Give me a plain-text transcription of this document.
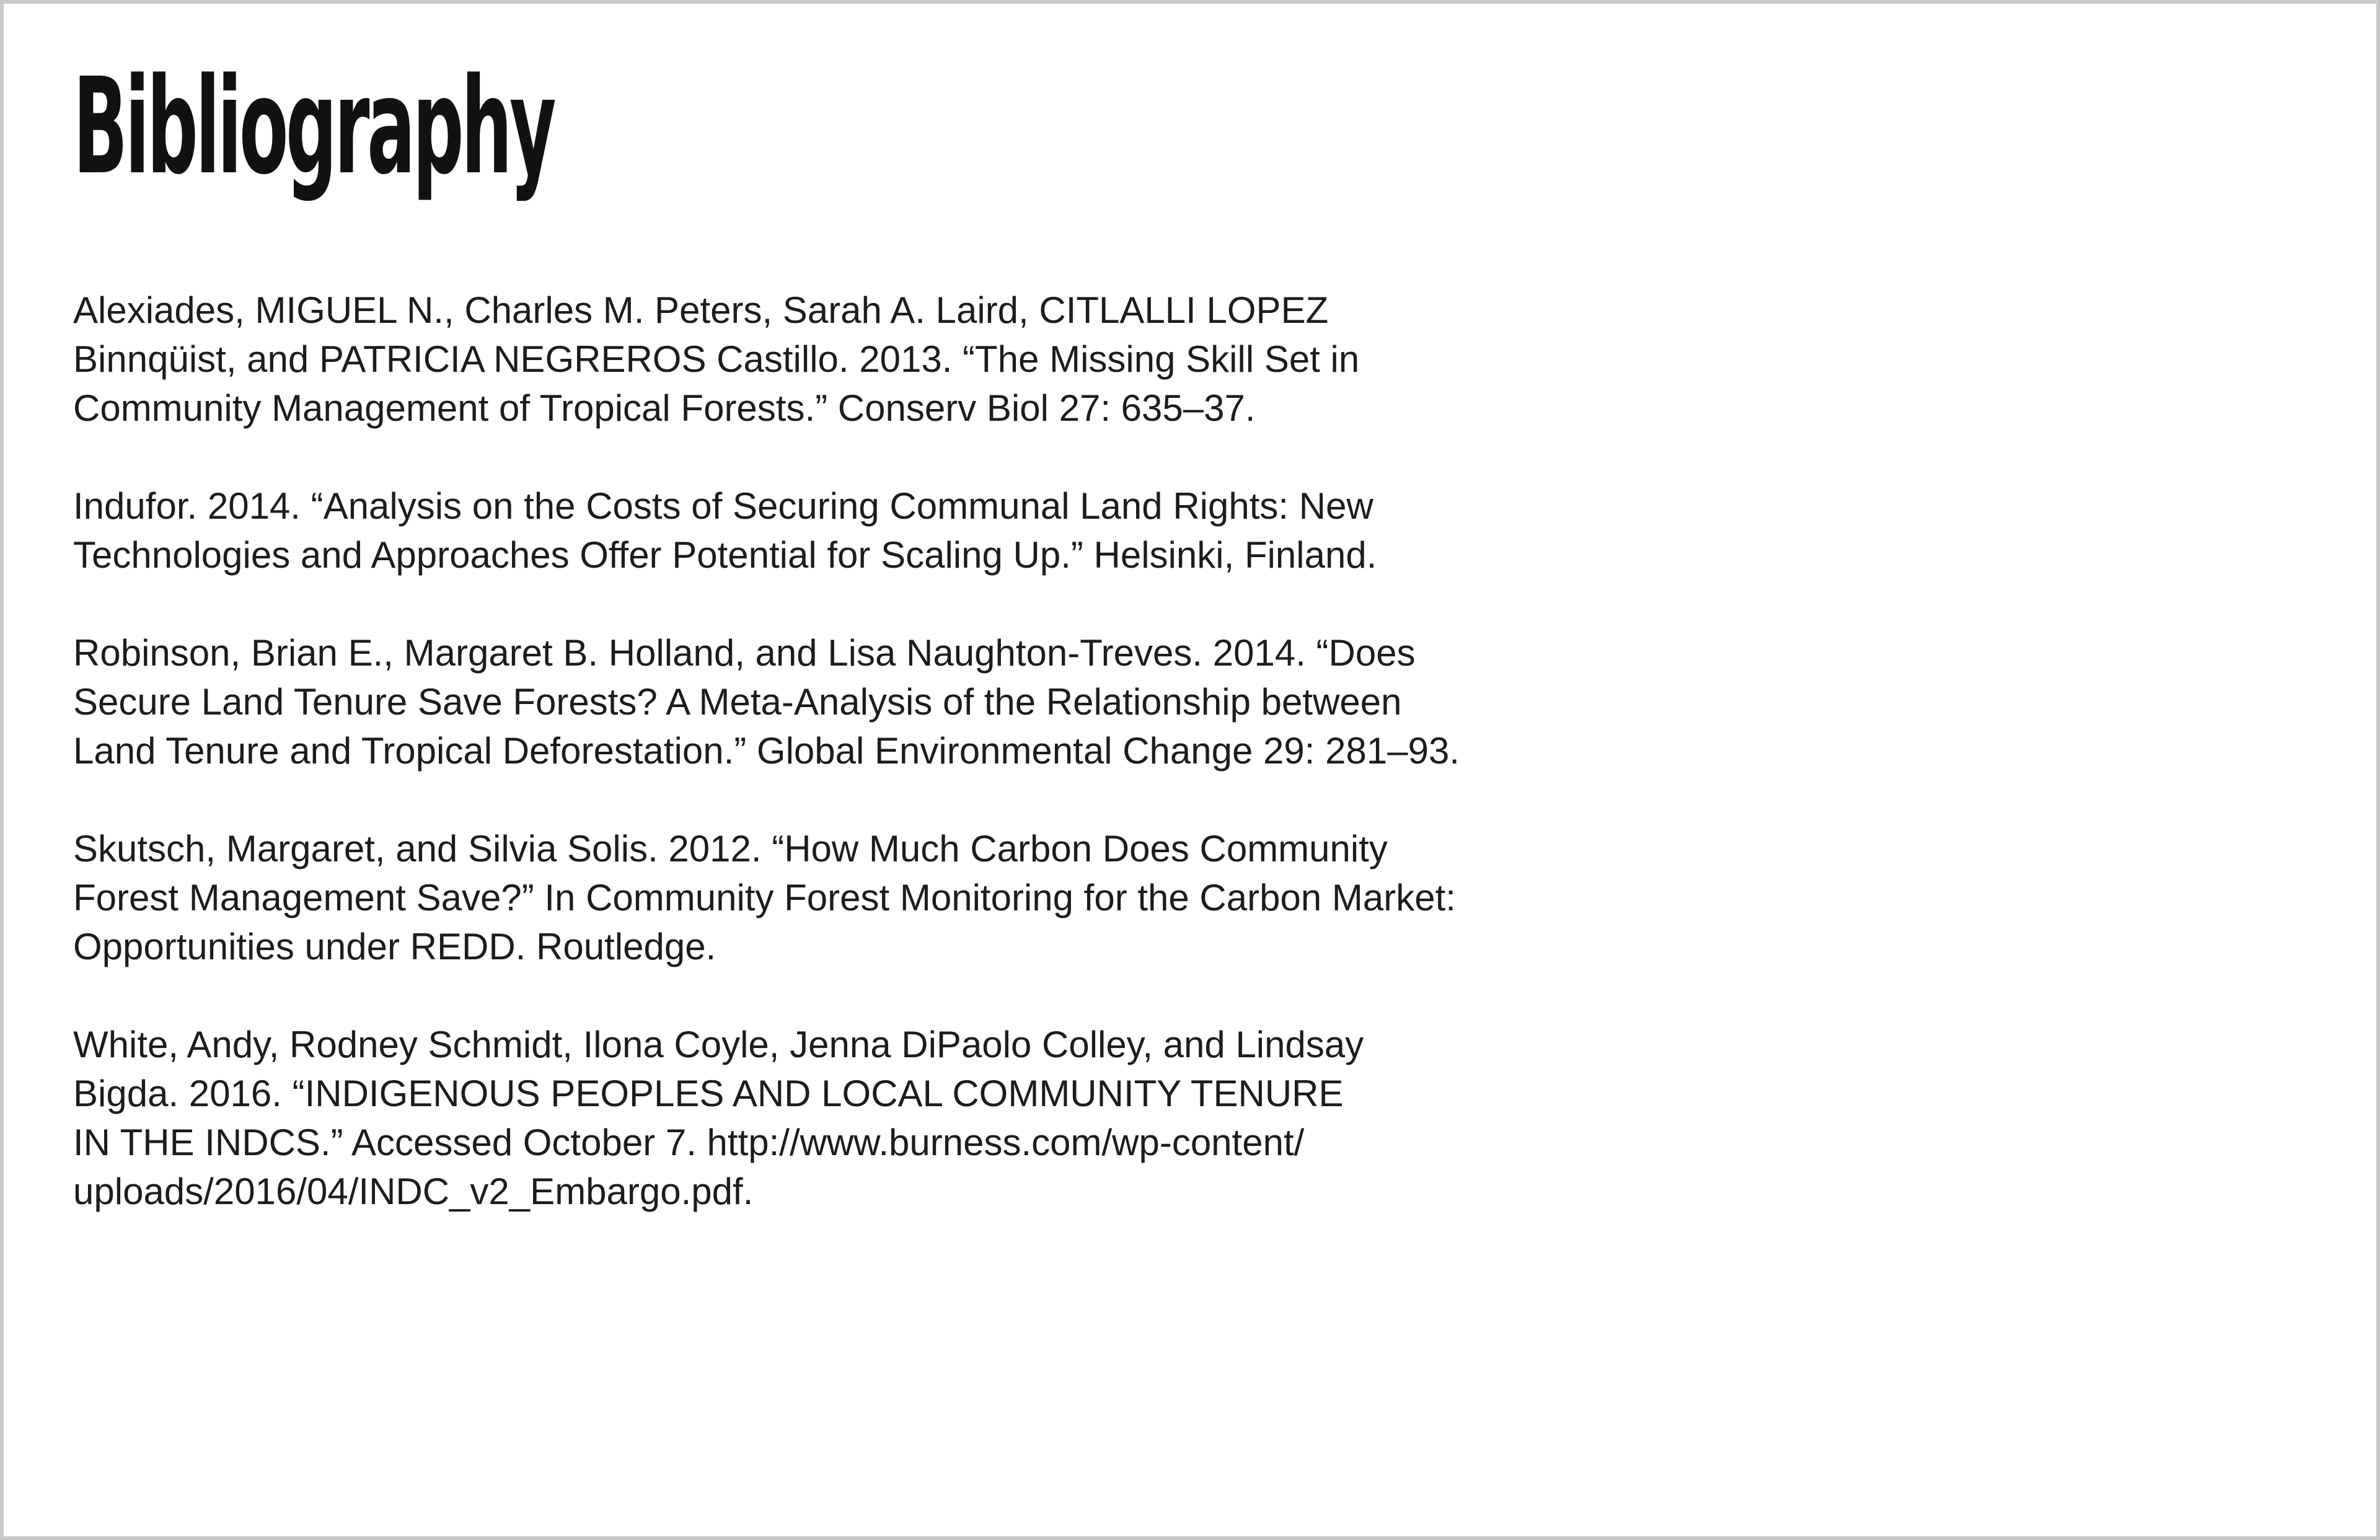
Bibliography
Alexiades, MIGUEL N., Charles M. Peters, Sarah A. Laird, CITLALLI LOPEZ
Binnqüist, and PATRICIA NEGREROS Castillo. 2013. “The Missing Skill Set in
Community Management of Tropical Forests.” Conserv Biol 27: 635–37.
Indufor. 2014. “Analysis on the Costs of Securing Communal Land Rights: New
Technologies and Approaches Offer Potential for Scaling Up.” Helsinki, Finland.
Robinson, Brian E., Margaret B. Holland, and Lisa Naughton-Treves. 2014. “Does
Secure Land Tenure Save Forests? A Meta-Analysis of the Relationship between
Land Tenure and Tropical Deforestation.” Global Environmental Change 29: 281–93.
Skutsch, Margaret, and Silvia Solis. 2012. “How Much Carbon Does Community
Forest Management Save?” In Community Forest Monitoring for the Carbon Market:
Opportunities under REDD. Routledge.
White, Andy, Rodney Schmidt, Ilona Coyle, Jenna DiPaolo Colley, and Lindsay
Bigda. 2016. “INDIGENOUS PEOPLES AND LOCAL COMMUNITY TENURE
IN THE INDCS.” Accessed October 7. http://www.burness.com/wp-content/
uploads/2016/04/INDC_v2_Embargo.pdf.
